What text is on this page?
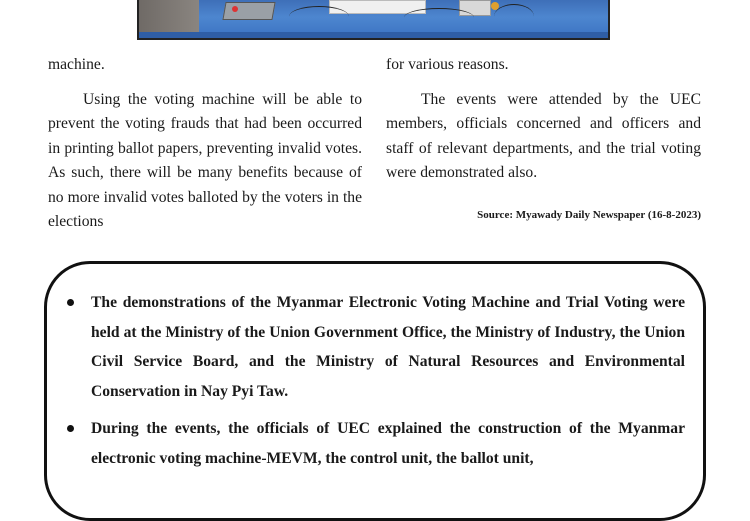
machine.

Using the voting machine will be able to prevent the voting frauds that had been occurred in printing ballot papers, preventing invalid votes. As such, there will be many benefits because of no more invalid votes balloted by the voters in the elections

for various reasons.

The events were attended by the UEC members, officials concerned and officers and staff of relevant departments, and the trial voting were demonstrated also.

Source: Myawady Daily Newspaper (16-8-2023)
The demonstrations of the Myanmar Electronic Voting Machine and Trial Voting were held at the Ministry of the Union Government Office, the Ministry of Industry, the Union Civil Service Board, and the Ministry of Natural Resources and Environmental Conservation in Nay Pyi Taw.
During the events, the officials of UEC explained the construction of the Myanmar electronic voting machine-MEVM, the control unit, the ballot unit,
